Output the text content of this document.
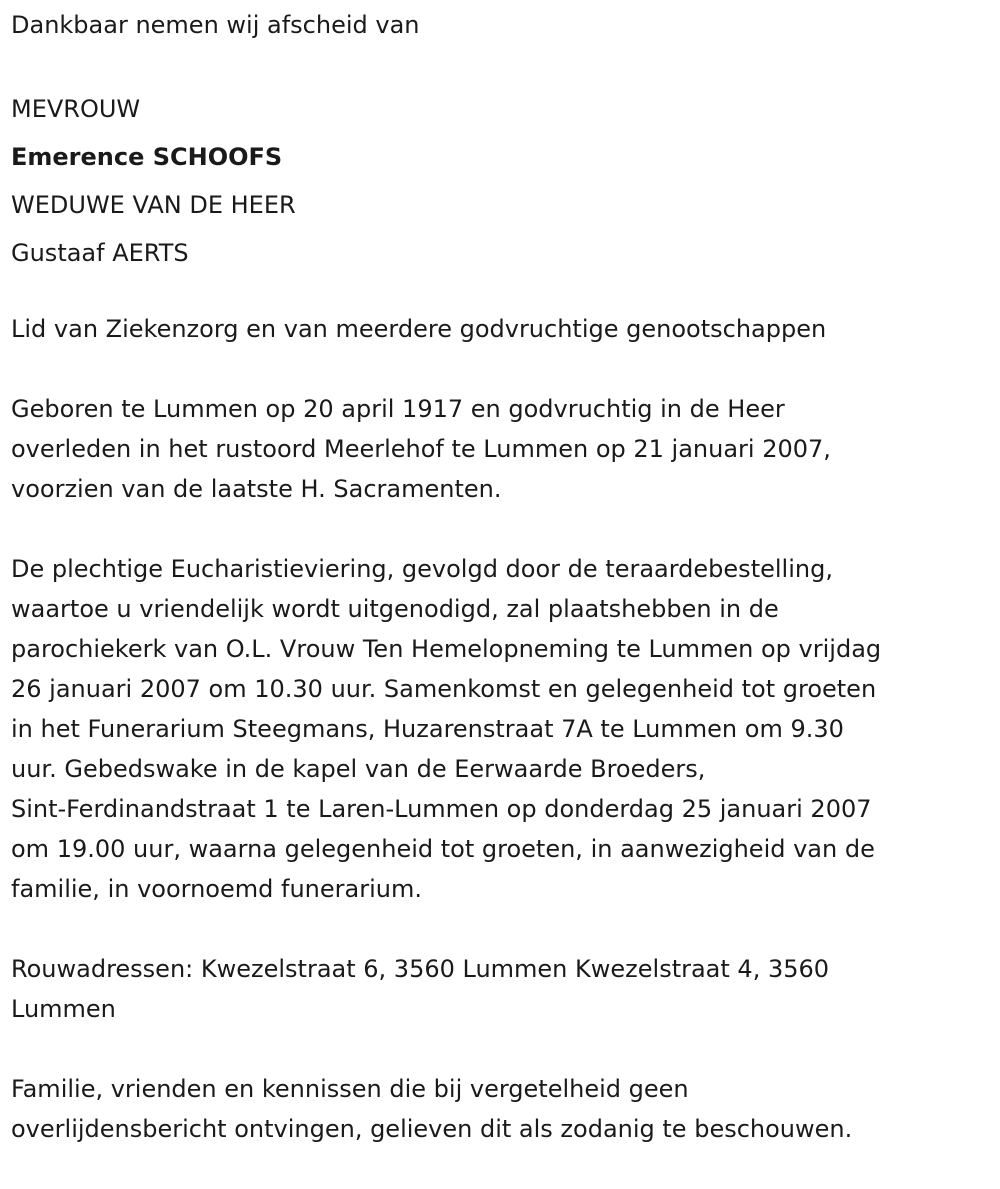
Dankbaar nemen wij afscheid van
MEVROUW
Emerence SCHOOFS
WEDUWE VAN DE HEER
Gustaaf AERTS
Lid van Ziekenzorg en van meerdere godvruchtige genootschappen
Geboren te Lummen op 20 april 1917 en godvruchtig in de Heer
overleden in het rustoord Meerlehof te Lummen op 21 januari 2007,
voorzien van de laatste H. Sacramenten.
De plechtige Eucharistieviering, gevolgd door de teraardebestelling,
waartoe u vriendelijk wordt uitgenodigd, zal plaatshebben in de
parochiekerk van O.L. Vrouw Ten Hemelopneming te Lummen op vrijdag
26 januari 2007 om 10.30 uur. Samenkomst en gelegenheid tot groeten
in het Funerarium Steegmans, Huzarenstraat 7A te Lummen om 9.30
uur. Gebedswake in de kapel van de Eerwaarde Broeders,
Sint-Ferdinandstraat 1 te Laren-Lummen op donderdag 25 januari 2007
om 19.00 uur, waarna gelegenheid tot groeten, in aanwezigheid van de
familie, in voornoemd funerarium.
Rouwadressen: Kwezelstraat 6, 3560 Lummen Kwezelstraat 4, 3560
Lummen
Familie, vrienden en kennissen die bij vergetelheid geen
overlijdensbericht ontvingen, gelieven dit als zodanig te beschouwen.
